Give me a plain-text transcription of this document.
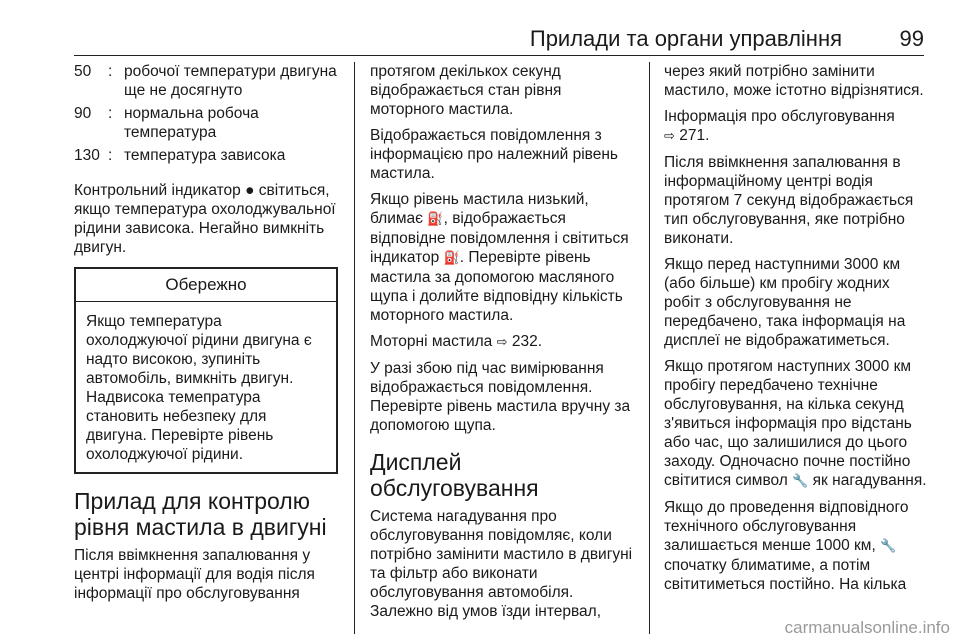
Прилади та органи управління	99
50	:	робочої температури двигуна ще не досягнуто
90	:	нормальна робоча температура
130	:	температура зависока

Контрольний індикатор ● світиться, якщо температура охолоджувальної рідини зависока. Негайно вимкніть двигун.

Обережно
Якщо температура охолоджуючої рідини двигуна є надто високою, зупиніть автомобіль, вимкніть двигун. Надвисока темепратура становить небезпеку для двигуна. Перевірте рівень охолоджуючої рідини.
Прилад для контролю рівня мастила в двигуні

Після ввімкнення запалювання у центрі інформації для водія після інформації про обслуговування

протягом декількох секунд відображається стан рівня моторного мастила.

Відображається повідомлення з інформацією про належний рівень мастила.

Якщо рівень мастила низький, блимає ⛽, відображається відповідне повідомлення і світиться індикатор ⛽. Перевірте рівень мастила за допомогою масляного щупа і долийте відповідну кількість моторного мастила.

Моторні мастила ⇨ 232.

У разі збою під час вимірювання відображається повідомлення. Перевірте рівень мастила вручну за допомогою щупа.

Дисплей обслуговування

Система нагадування про обслуговування повідомляє, коли потрібно замінити мастило в двигуні та фільтр або виконати обслуговування автомобіля. Залежно від умов їзди інтервал,

через який потрібно замінити мастило, може істотно відрізнятися.

Інформація про обслуговування
⇨ 271.

Після ввімкнення запалювання в інформаційному центрі водія протягом 7 секунд відображається тип обслуговування, яке потрібно виконати.

Якщо перед наступними 3000 км (або більше) км пробігу жодних робіт з обслуговування не передбачено, така інформація на дисплеї не відображатиметься.

Якщо протягом наступних 3000 км пробігу передбачено технічне обслуговування, на кілька секунд з'явиться інформація про відстань або час, що залишилися до цього заходу. Одночасно почне постійно світитися символ 🔧 як нагадування.

Якщо до проведення відповідного технічного обслуговування залишається менше 1000 км, 🔧 спочатку блиматиме, а потім світитиметься постійно. На кілька

carmanualsonline.info
